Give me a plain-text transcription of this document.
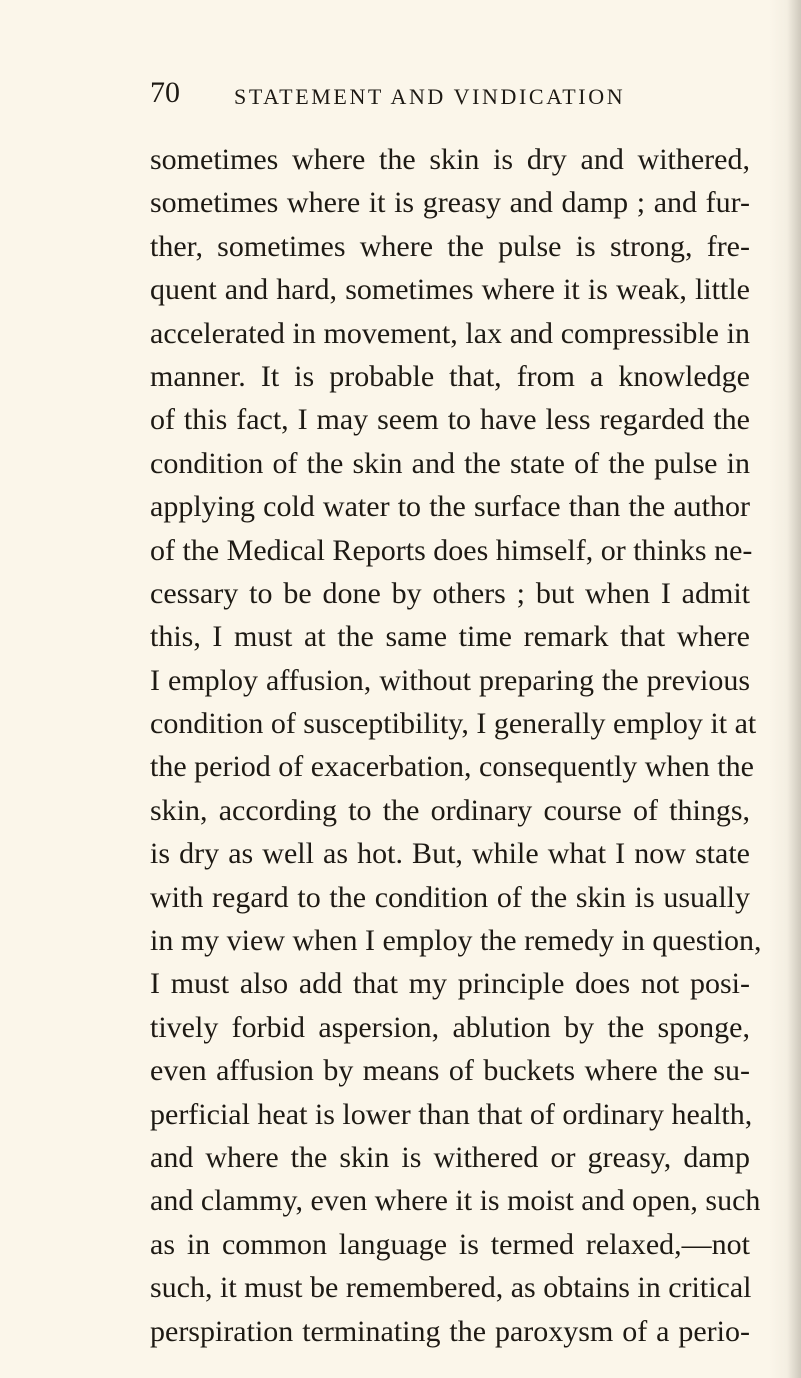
70 STATEMENT AND VINDICATION
sometimes where the skin is dry and withered,
sometimes where it is greasy and damp ; and fur-
ther, sometimes where the pulse is strong, fre-
quent and hard, sometimes where it is weak, little
accelerated in movement, lax and compressible in
manner. It is probable that, from a knowledge
of this fact, I may seem to have less regarded the
condition of the skin and the state of the pulse in
applying cold water to the surface than the author
of the Medical Reports does himself, or thinks ne-
cessary to be done by others ; but when I admit
this, I must at the same time remark that where
I employ affusion, without preparing the previous
condition of susceptibility, I generally employ it at
the period of exacerbation, consequently when the
skin, according to the ordinary course of things,
is dry as well as hot. But, while what I now state
with regard to the condition of the skin is usually
in my view when I employ the remedy in question,
I must also add that my principle does not posi-
tively forbid aspersion, ablution by the sponge,
even affusion by means of buckets where the su-
perficial heat is lower than that of ordinary health,
and where the skin is withered or greasy, damp
and clammy, even where it is moist and open, such
as in common language is termed relaxed,—not
such, it must be remembered, as obtains in critical
perspiration terminating the paroxysm of a perio-
